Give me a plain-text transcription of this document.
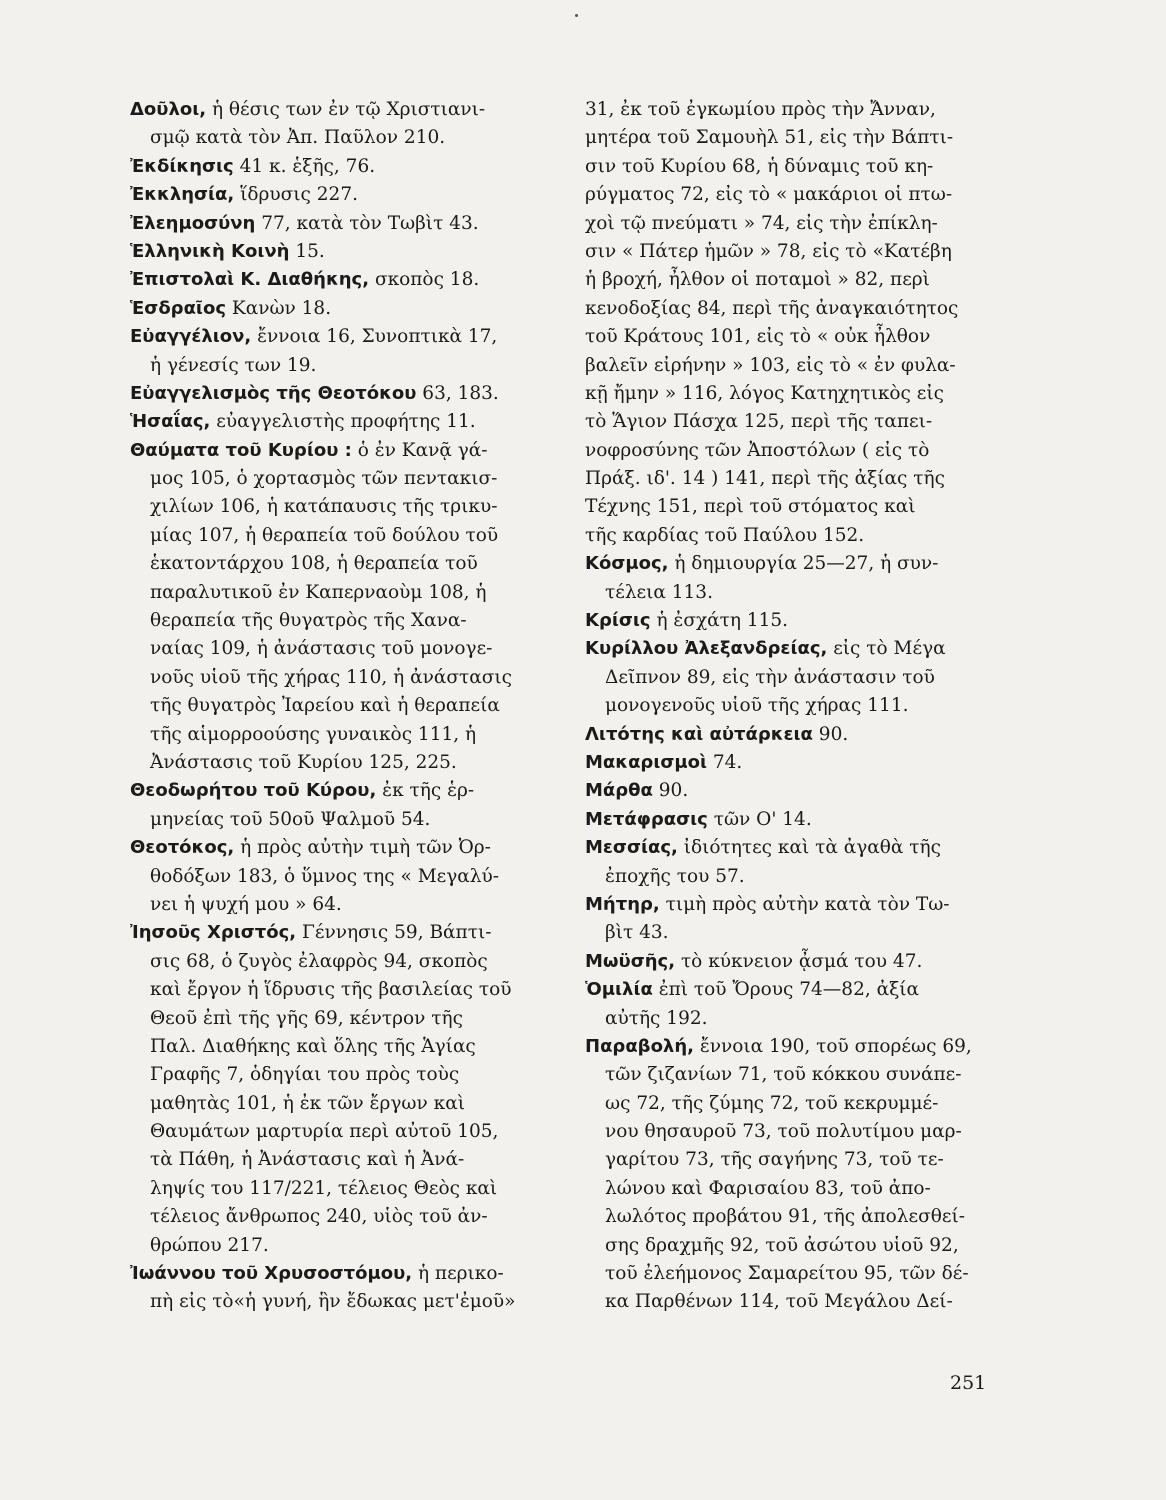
Δοῦλοι, ἡ θέσις των ἐν τῷ Χριστιανι-
σμῷ κατὰ τὸν Ἀπ. Παῦλον 210.
Ἐκδίκησις 41 κ. ἑξῆς, 76.
Ἐκκλησία, ἵδρυσις 227.
Ἐλεημοσύνη 77, κατὰ τὸν Τωβὶτ 43.
Ἑλληνικὴ Κοινὴ 15.
Ἐπιστολαὶ Κ. Διαθήκης, σκοπὸς 18.
Ἑσδραῖος Κανὼν 18.
Εὐαγγέλιον, ἔννοια 16, Συνοπτικὰ 17,
ἡ γένεσίς των 19.
Εὐαγγελισμὸς τῆς Θεοτόκου 63, 183.
Ἡσαΐας, εὐαγγελιστὴς προφήτης 11.
Θαύματα τοῦ Κυρίου : ὁ ἐν Κανᾷ γά-
μος 105, ὁ χορτασμὸς τῶν πεντακισ-
χιλίων 106, ἡ κατάπαυσις τῆς τρικυ-
μίας 107, ἡ θεραπεία τοῦ δούλου τοῦ
ἑκατοντάρχου 108, ἡ θεραπεία τοῦ
παραλυτικοῦ ἐν Καπερναοὺμ 108, ἡ
θεραπεία τῆς θυγατρὸς τῆς Χανα-
ναίας 109, ἡ ἀνάστασις τοῦ μονογε-
νοῦς υἱοῦ τῆς χήρας 110, ἡ ἀνάστασις
τῆς θυγατρὸς Ἰαρείου καὶ ἡ θεραπεία
τῆς αἱμορροούσης γυναικὸς 111, ἡ
Ἀνάστασις τοῦ Κυρίου 125, 225.
Θεοδωρήτου τοῦ Κύρου, ἐκ τῆς ἑρ-
μηνείας τοῦ 50οῦ Ψαλμοῦ 54.
Θεοτόκος, ἡ πρὸς αὐτὴν τιμὴ τῶν Ὀρ-
θοδόξων 183, ὁ ὕμνος της « Μεγαλύ-
νει ἡ ψυχή μου » 64.
Ἰησοῦς Χριστός, Γέννησις 59, Βάπτι-
σις 68, ὁ ζυγὸς ἐλαφρὸς 94, σκοπὸς
καὶ ἔργον ἡ ἵδρυσις τῆς βασιλείας τοῦ
Θεοῦ ἐπὶ τῆς γῆς 69, κέντρον τῆς
Παλ. Διαθήκης καὶ ὅλης τῆς Ἁγίας
Γραφῆς 7, ὁδηγίαι του πρὸς τοὺς
μαθητὰς 101, ἡ ἐκ τῶν ἔργων καὶ
Θαυμάτων μαρτυρία περὶ αὐτοῦ 105,
τὰ Πάθη, ἡ Ἀνάστασις καὶ ἡ Ἀνά-
ληψίς του 117/221, τέλειος Θεὸς καὶ
τέλειος ἄνθρωπος 240, υἱὸς τοῦ ἀν-
θρώπου 217.
Ἰωάννου τοῦ Χρυσοστόμου, ἡ περικο-
πὴ εἰς τὸ«ἡ γυνή, ἣν ἔδωκας μετ'ἐμοῦ»
31, ἐκ τοῦ ἐγκωμίου πρὸς τὴν Ἄνναν,
μητέρα τοῦ Σαμουὴλ 51, εἰς τὴν Βάπτι-
σιν τοῦ Κυρίου 68, ἡ δύναμις τοῦ κη-
ρύγματος 72, εἰς τὸ « μακάριοι οἱ πτω-
χοὶ τῷ πνεύματι » 74, εἰς τὴν ἐπίκλη-
σιν « Πάτερ ἡμῶν » 78, εἰς τὸ «Κατέβη
ἡ βροχή, ἦλθον οἱ ποταμοὶ » 82, περὶ
κενοδοξίας 84, περὶ τῆς ἀναγκαιότητος
τοῦ Κράτους 101, εἰς τὸ « οὐκ ἦλθον
βαλεῖν εἰρήνην » 103, εἰς τὸ « ἐν φυλα-
κῇ ἤμην » 116, λόγος Κατηχητικὸς εἰς
τὸ Ἅγιον Πάσχα 125, περὶ τῆς ταπει-
νοφροσύνης τῶν Ἀποστόλων ( εἰς τὸ
Πράξ. ιδ'. 14 ) 141, περὶ τῆς ἀξίας τῆς
Τέχνης 151, περὶ τοῦ στόματος καὶ
τῆς καρδίας τοῦ Παύλου 152.
Κόσμος, ἡ δημιουργία 25—27, ἡ συν-
τέλεια 113.
Κρίσις ἡ ἐσχάτη 115.
Κυρίλλου Ἀλεξανδρείας, εἰς τὸ Μέγα
Δεῖπνον 89, εἰς τὴν ἀνάστασιν τοῦ
μονογενοῦς υἱοῦ τῆς χήρας 111.
Λιτότης καὶ αὐτάρκεια 90.
Μακαρισμοὶ 74.
Μάρθα 90.
Μετάφρασις τῶν Ο' 14.
Μεσσίας, ἰδιότητες καὶ τὰ ἀγαθὰ τῆς
ἐποχῆς του 57.
Μήτηρ, τιμὴ πρὸς αὐτὴν κατὰ τὸν Τω-
βὶτ 43.
Μωϋσῆς, τὸ κύκνειον ᾆσμά του 47.
Ὁμιλία ἐπὶ τοῦ Ὄρους 74—82, ἀξία
αὐτῆς 192.
Παραβολή, ἔννοια 190, τοῦ σπορέως 69,
τῶν ζιζανίων 71, τοῦ κόκκου συνάπε-
ως 72, τῆς ζύμης 72, τοῦ κεκρυμμέ-
νου θησαυροῦ 73, τοῦ πολυτίμου μαρ-
γαρίτου 73, τῆς σαγήνης 73, τοῦ τε-
λώνου καὶ Φαρισαίου 83, τοῦ ἀπο-
λωλότος προβάτου 91, τῆς ἀπολεσθεί-
σης δραχμῆς 92, τοῦ ἀσώτου υἱοῦ 92,
τοῦ ἐλεήμονος Σαμαρείτου 95, τῶν δέ-
κα Παρθένων 114, τοῦ Μεγάλου Δεί-
251
